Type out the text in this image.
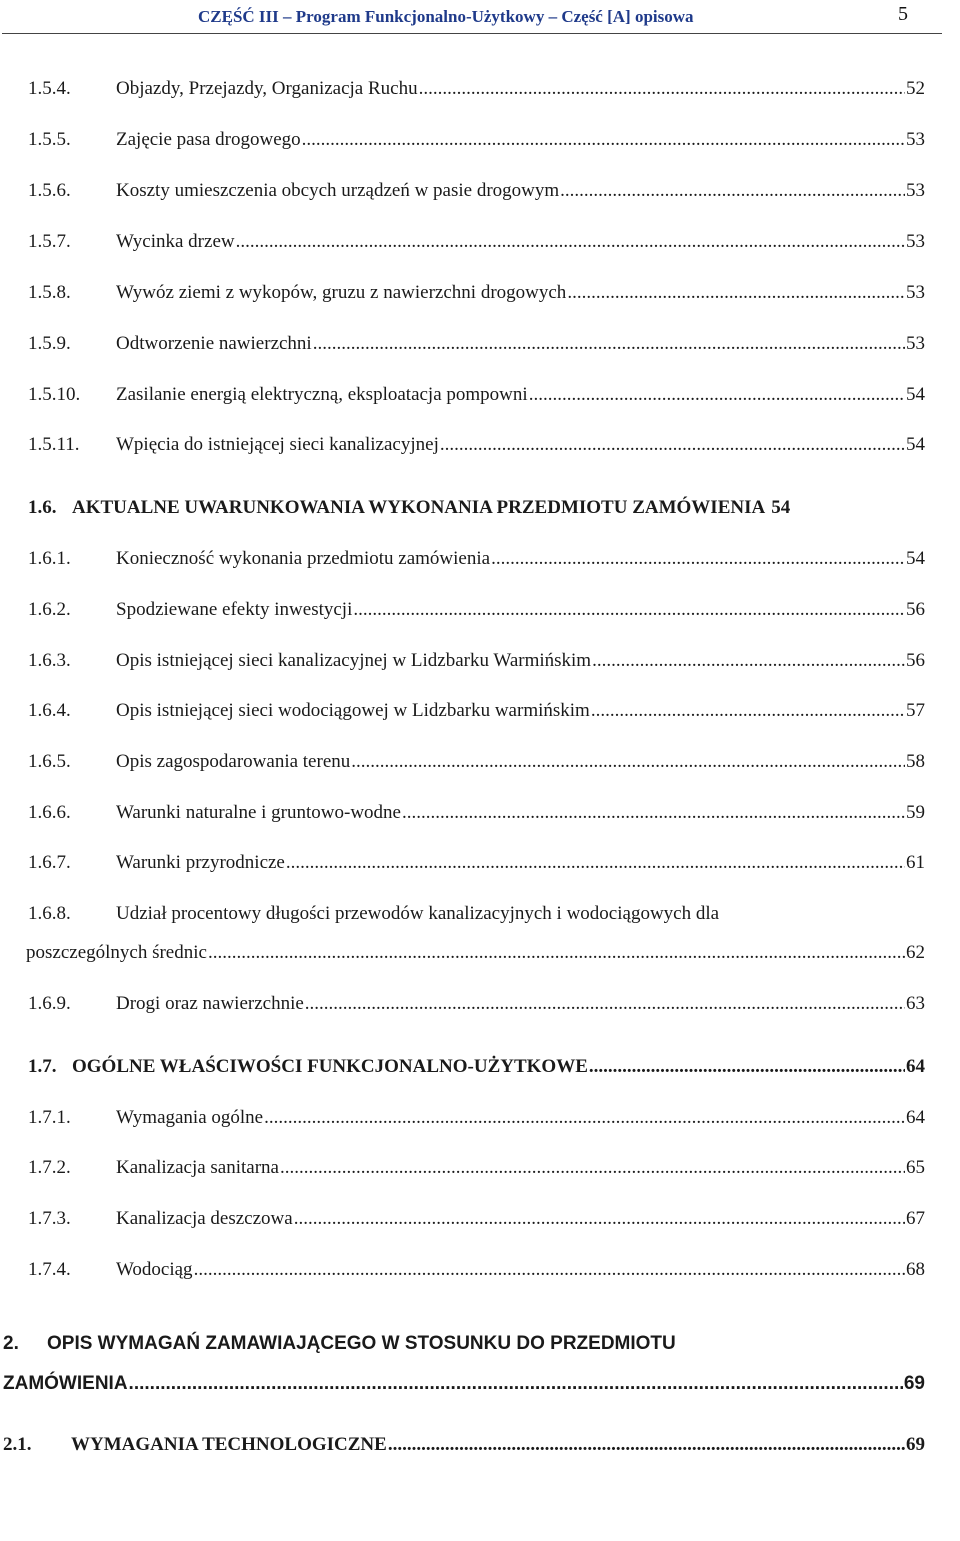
CZĘŚĆ III – Program Funkcjonalno-Użytkowy – Część [A] opisowa	5
1.5.4.	Objazdy, Przejazdy, Organizacja Ruchu .....	52
1.5.5.	Zajęcie pasa drogowego .....	53
1.5.6.	Koszty umieszczenia obcych urządzeń w pasie drogowym .....	53
1.5.7.	Wycinka drzew .....	53
1.5.8.	Wywóz ziemi z wykopów, gruzu z nawierzchni drogowych .....	53
1.5.9.	Odtworzenie nawierzchni .....	53
1.5.10.	Zasilanie energią elektryczną, eksploatacja pompowni .....	54
1.5.11.	Wpięcia do istniejącej sieci kanalizacyjnej .....	54
1.6. AKTUALNE UWARUNKOWANIA WYKONANIA PRZEDMIOTU ZAMÓWIENIA 54
1.6.1.	Konieczność wykonania przedmiotu zamówienia .....	54
1.6.2.	Spodziewane efekty inwestycji .....	56
1.6.3.	Opis istniejącej sieci kanalizacyjnej w Lidzbarku Warmińskim .....	56
1.6.4.	Opis istniejącej sieci wodociągowej w Lidzbarku warmińskim .....	57
1.6.5.	Opis zagospodarowania terenu .....	58
1.6.6.	Warunki naturalne i gruntowo-wodne .....	59
1.6.7.	Warunki przyrodnicze .....	61
1.6.8.	Udział procentowy długości przewodów kanalizacyjnych i wodociągowych dla
poszczególnych średnic .....	62
1.6.9.	Drogi oraz nawierzchnie .....	63
1.7. OGÓLNE WŁAŚCIWOŚCI FUNKCJONALNO-UŻYTKOWE .....	64
1.7.1.	Wymagania ogólne .....	64
1.7.2.	Kanalizacja sanitarna .....	65
1.7.3.	Kanalizacja deszczowa .....	67
1.7.4.	Wodociąg .....	68
2.	OPIS WYMAGAŃ ZAMAWIAJĄCEGO W STOSUNKU DO PRZEDMIOTU
ZAMÓWIENIA .....	69
2.1.	WYMAGANIA TECHNOLOGICZNE .....	69
